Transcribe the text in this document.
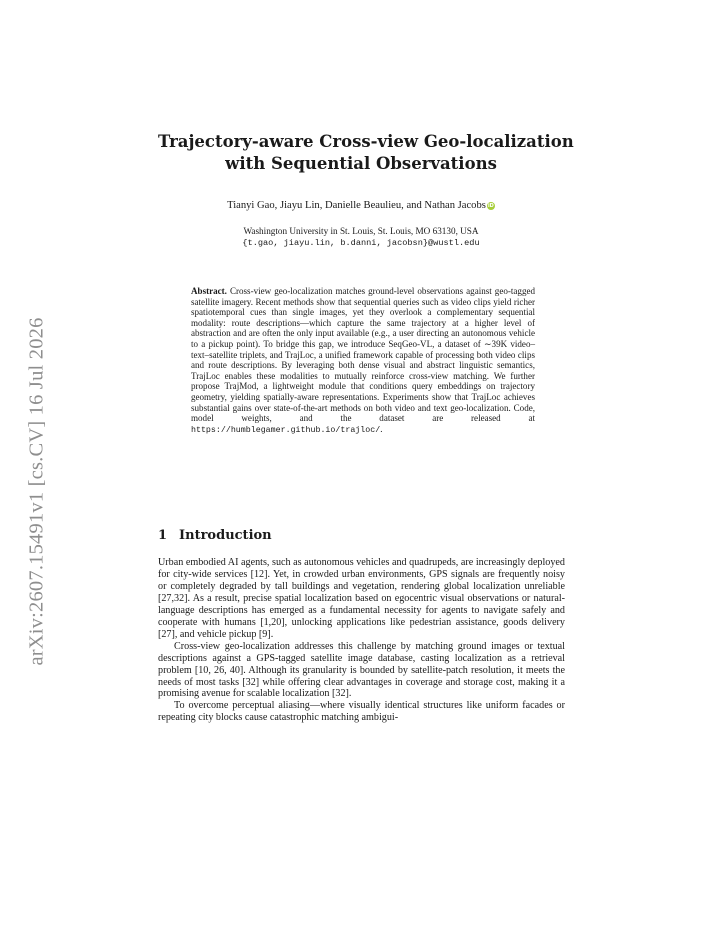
arXiv:2607.15491v1 [cs.CV] 16 Jul 2026
Trajectory-aware Cross-view Geo-localization
with Sequential Observations
Tianyi Gao, Jiayu Lin, Danielle Beaulieu, and Nathan Jacobs iD
Washington University in St. Louis, St. Louis, MO 63130, USA
{t.gao, jiayu.lin, b.danni, jacobsn}@wustl.edu
Abstract. Cross-view geo-localization matches ground-level observations against geo-tagged satellite imagery. Recent methods show that sequential queries such as video clips yield richer spatiotemporal cues than single images, yet they overlook a complementary sequential modality: route descriptions—which capture the same trajectory at a higher level of abstraction and are often the only input available (e.g., a user directing an autonomous vehicle to a pickup point). To bridge this gap, we introduce SeqGeo-VL, a dataset of ∼39K video–text–satellite triplets, and TrajLoc, a unified framework capable of processing both video clips and route descriptions. By leveraging both dense visual and abstract linguistic semantics, TrajLoc enables these modalities to mutually reinforce cross-view matching. We further propose TrajMod, a lightweight module that conditions query embeddings on trajectory geometry, yielding spatially-aware representations. Experiments show that TrajLoc achieves substantial gains over state-of-the-art methods on both video and text geo-localization. Code, model weights, and the dataset are released at https://humblegamer.github.io/trajloc/.
1 Introduction

Urban embodied AI agents, such as autonomous vehicles and quadrupeds, are increasingly deployed for city-wide services [12]. Yet, in crowded urban environments, GPS signals are frequently noisy or completely degraded by tall buildings and vegetation, rendering global localization unreliable [27,32]. As a result, precise spatial localization based on egocentric visual observations or natural-language descriptions has emerged as a fundamental necessity for agents to navigate safely and cooperate with humans [1,20], unlocking applications like pedestrian assistance, goods delivery [27], and vehicle pickup [9].

Cross-view geo-localization addresses this challenge by matching ground images or textual descriptions against a GPS-tagged satellite image database, casting localization as a retrieval problem [10, 26, 40]. Although its granularity is bounded by satellite-patch resolution, it meets the needs of most tasks [32] while offering clear advantages in coverage and storage cost, making it a promising avenue for scalable localization [32].

To overcome perceptual aliasing—where visually identical structures like uniform facades or repeating city blocks cause catastrophic matching ambigui-
